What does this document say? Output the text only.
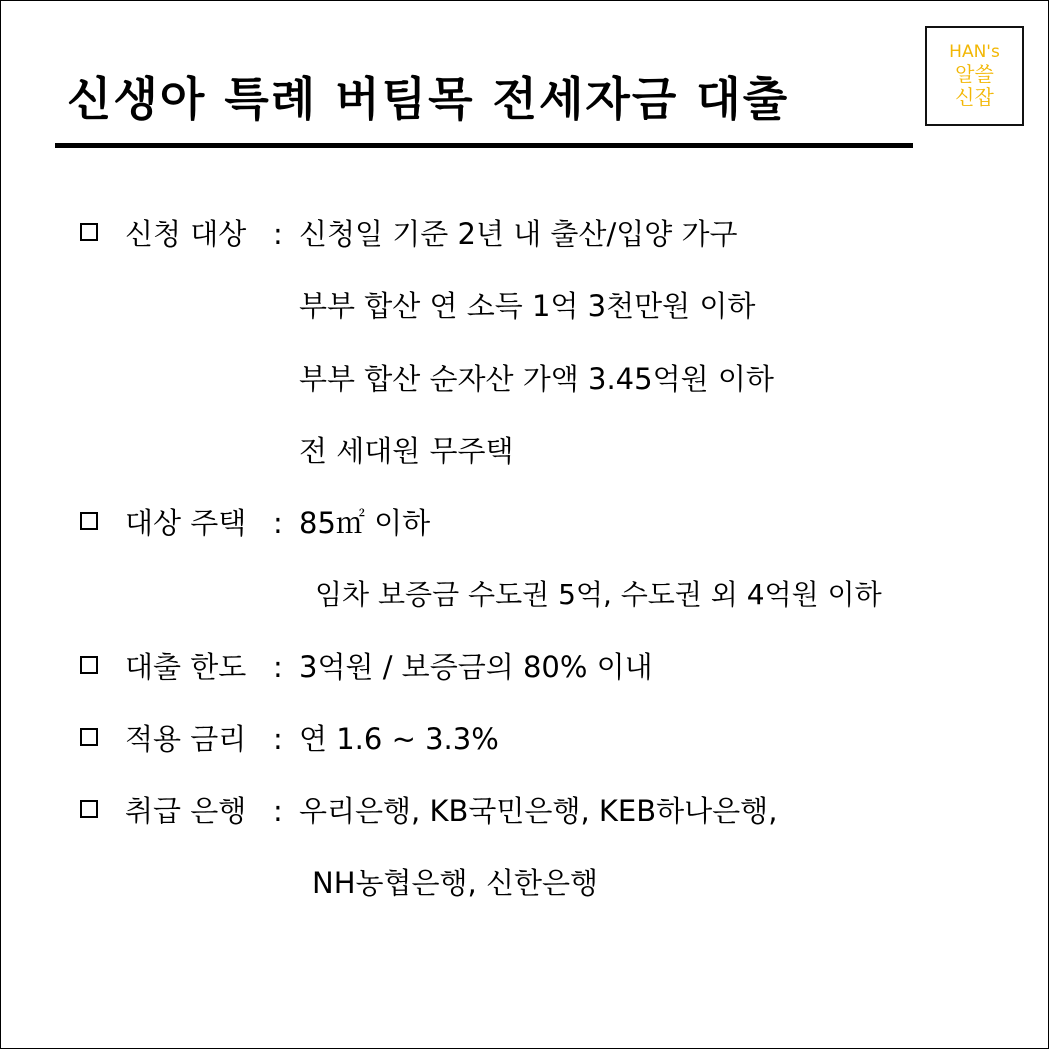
신생아 특례 버팀목 전세자금 대출
HAN's
알쓸
신잡
신청 대상 : 신청일 기준 2년 내 출산/입양 가구
부부 합산 연 소득 1억 3천만원 이하
부부 합산 순자산 가액 3.45억원 이하
전 세대원 무주택
대상 주택 : 85㎡ 이하
임차 보증금 수도권 5억, 수도권 외 4억원 이하
대출 한도 : 3억원 / 보증금의 80% 이내
적용 금리 : 연 1.6 ~ 3.3%
취급 은행 : 우리은행, KB국민은행, KEB하나은행,
NH농협은행, 신한은행
